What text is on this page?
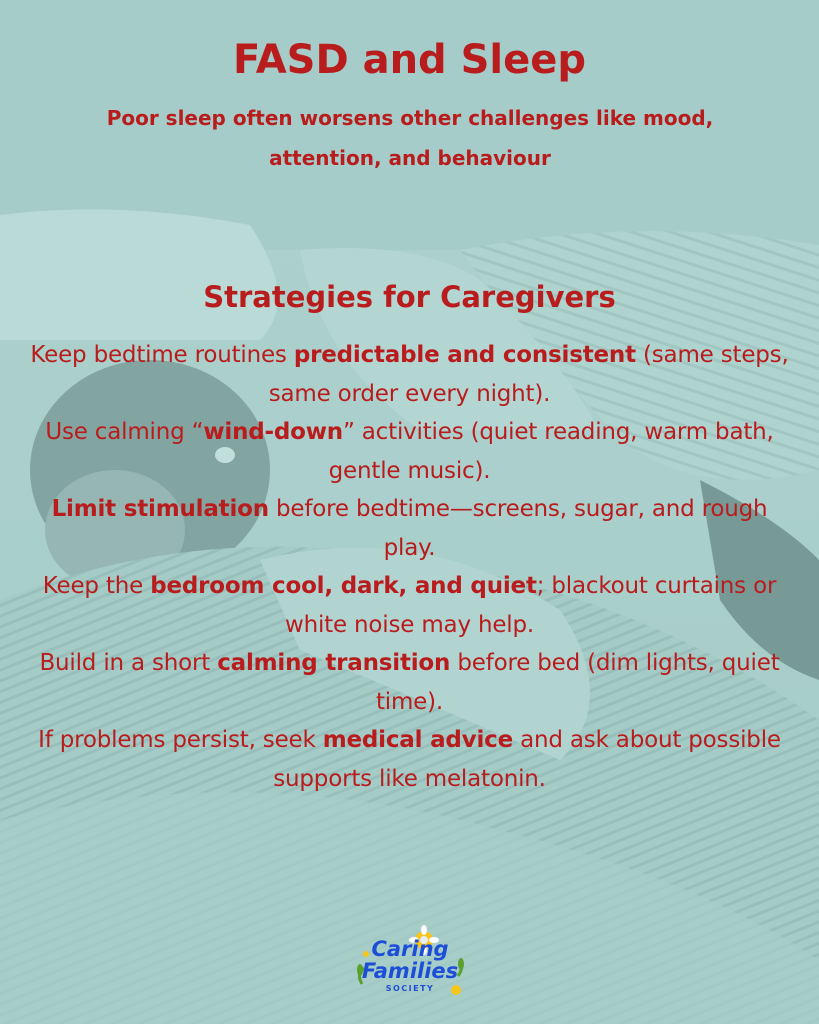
FASD and Sleep

Poor sleep often worsens other challenges like mood, attention, and behaviour

Strategies for Caregivers
Keep bedtime routines predictable and consistent (same steps, same order every night).
Use calming “wind-down” activities (quiet reading, warm bath, gentle music).
Limit stimulation before bedtime—screens, sugar, and rough play.
Keep the bedroom cool, dark, and quiet; blackout curtains or white noise may help.
Build in a short calming transition before bed (dim lights, quiet time).
If problems persist, seek medical advice and ask about possible supports like melatonin.
Caring
Families
SOCIETY
